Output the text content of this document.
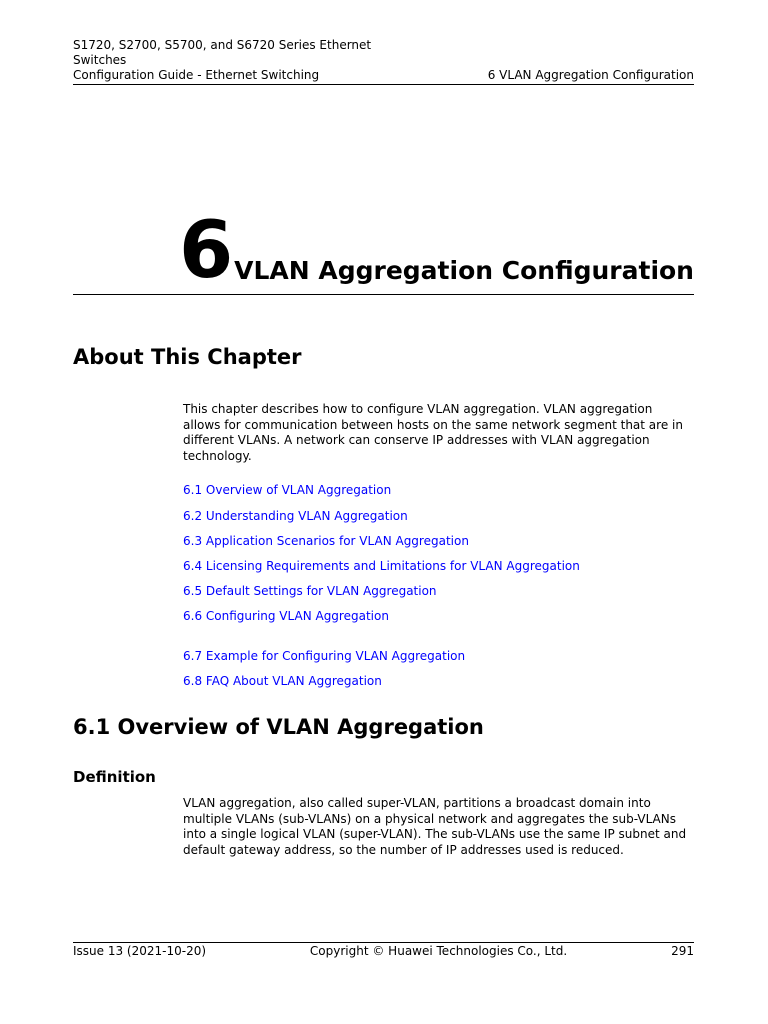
S1720, S2700, S5700, and S6720 Series Ethernet
Switches
Configuration Guide - Ethernet Switching	6 VLAN Aggregation Configuration
6 VLAN Aggregation Configuration
About This Chapter

This chapter describes how to configure VLAN aggregation. VLAN aggregation allows for communication between hosts on the same network segment that are in different VLANs. A network can conserve IP addresses with VLAN aggregation technology.

6.1 Overview of VLAN Aggregation
6.2 Understanding VLAN Aggregation
6.3 Application Scenarios for VLAN Aggregation
6.4 Licensing Requirements and Limitations for VLAN Aggregation
6.5 Default Settings for VLAN Aggregation
6.6 Configuring VLAN Aggregation
6.7 Example for Configuring VLAN Aggregation
6.8 FAQ About VLAN Aggregation
6.1 Overview of VLAN Aggregation
Definition

VLAN aggregation, also called super-VLAN, partitions a broadcast domain into multiple VLANs (sub-VLANs) on a physical network and aggregates the sub-VLANs into a single logical VLAN (super-VLAN). The sub-VLANs use the same IP subnet and default gateway address, so the number of IP addresses used is reduced.

Issue 13 (2021-10-20)	Copyright © Huawei Technologies Co., Ltd.	291
